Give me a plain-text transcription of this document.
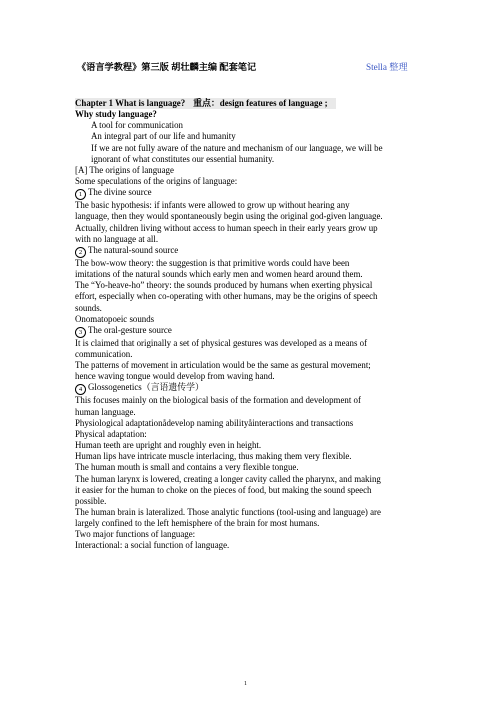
《语言学教程》第三版 胡壮麟主编 配套笔记	Stella 整理
Chapter 1 What is language? 重点：design features of language ;
Why study language?
A tool for communication
An integral part of our life and humanity
If we are not fully aware of the nature and mechanism of our language, we will be
ignorant of what constitutes our essential humanity.
[A] The origins of language
Some speculations of the origins of language:
1 The divine source
The basic hypothesis: if infants were allowed to grow up without hearing any
language, then they would spontaneously begin using the original god-given language.
Actually, children living without access to human speech in their early years grow up
with no language at all.
2 The natural-sound source
The bow-wow theory: the suggestion is that primitive words could have been
imitations of the natural sounds which early men and women heard around them.
The “Yo-heave-ho” theory: the sounds produced by humans when exerting physical
effort, especially when co-operating with other humans, may be the origins of speech
sounds.
Onomatopoeic sounds
3 The oral-gesture source
It is claimed that originally a set of physical gestures was developed as a means of
communication.
The patterns of movement in articulation would be the same as gestural movement;
hence waving tongue would develop from waving hand.
4 Glossogenetics（言语遗传学）
This focuses mainly on the biological basis of the formation and development of
human language.
Physiological adaptationådevelop naming abilityåinteractions and transactions
Physical adaptation:
Human teeth are upright and roughly even in height.
Human lips have intricate muscle interlacing, thus making them very flexible.
The human mouth is small and contains a very flexible tongue.
The human larynx is lowered, creating a longer cavity called the pharynx, and making
it easier for the human to choke on the pieces of food, but making the sound speech
possible.
The human brain is lateralized. Those analytic functions (tool-using and language) are
largely confined to the left hemisphere of the brain for most humans.
Two major functions of language:
Interactional: a social function of language.
1
